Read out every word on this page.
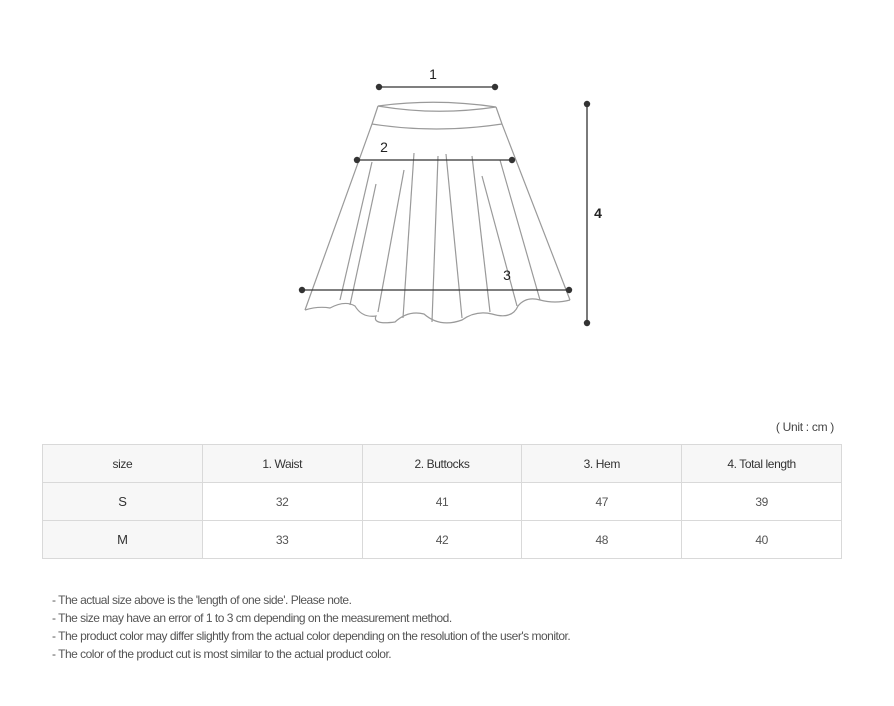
1
2
3
4
( Unit : cm )
size	1. Waist	2. Buttocks	3. Hem	4. Total length
S	32	41	47	39
M	33	42	48	40
- The actual size above is the 'length of one side'. Please note.
- The size may have an error of 1 to 3 cm depending on the measurement method.
- The product color may differ slightly from the actual color depending on the resolution of the user's monitor.
- The color of the product cut is most similar to the actual product color.
